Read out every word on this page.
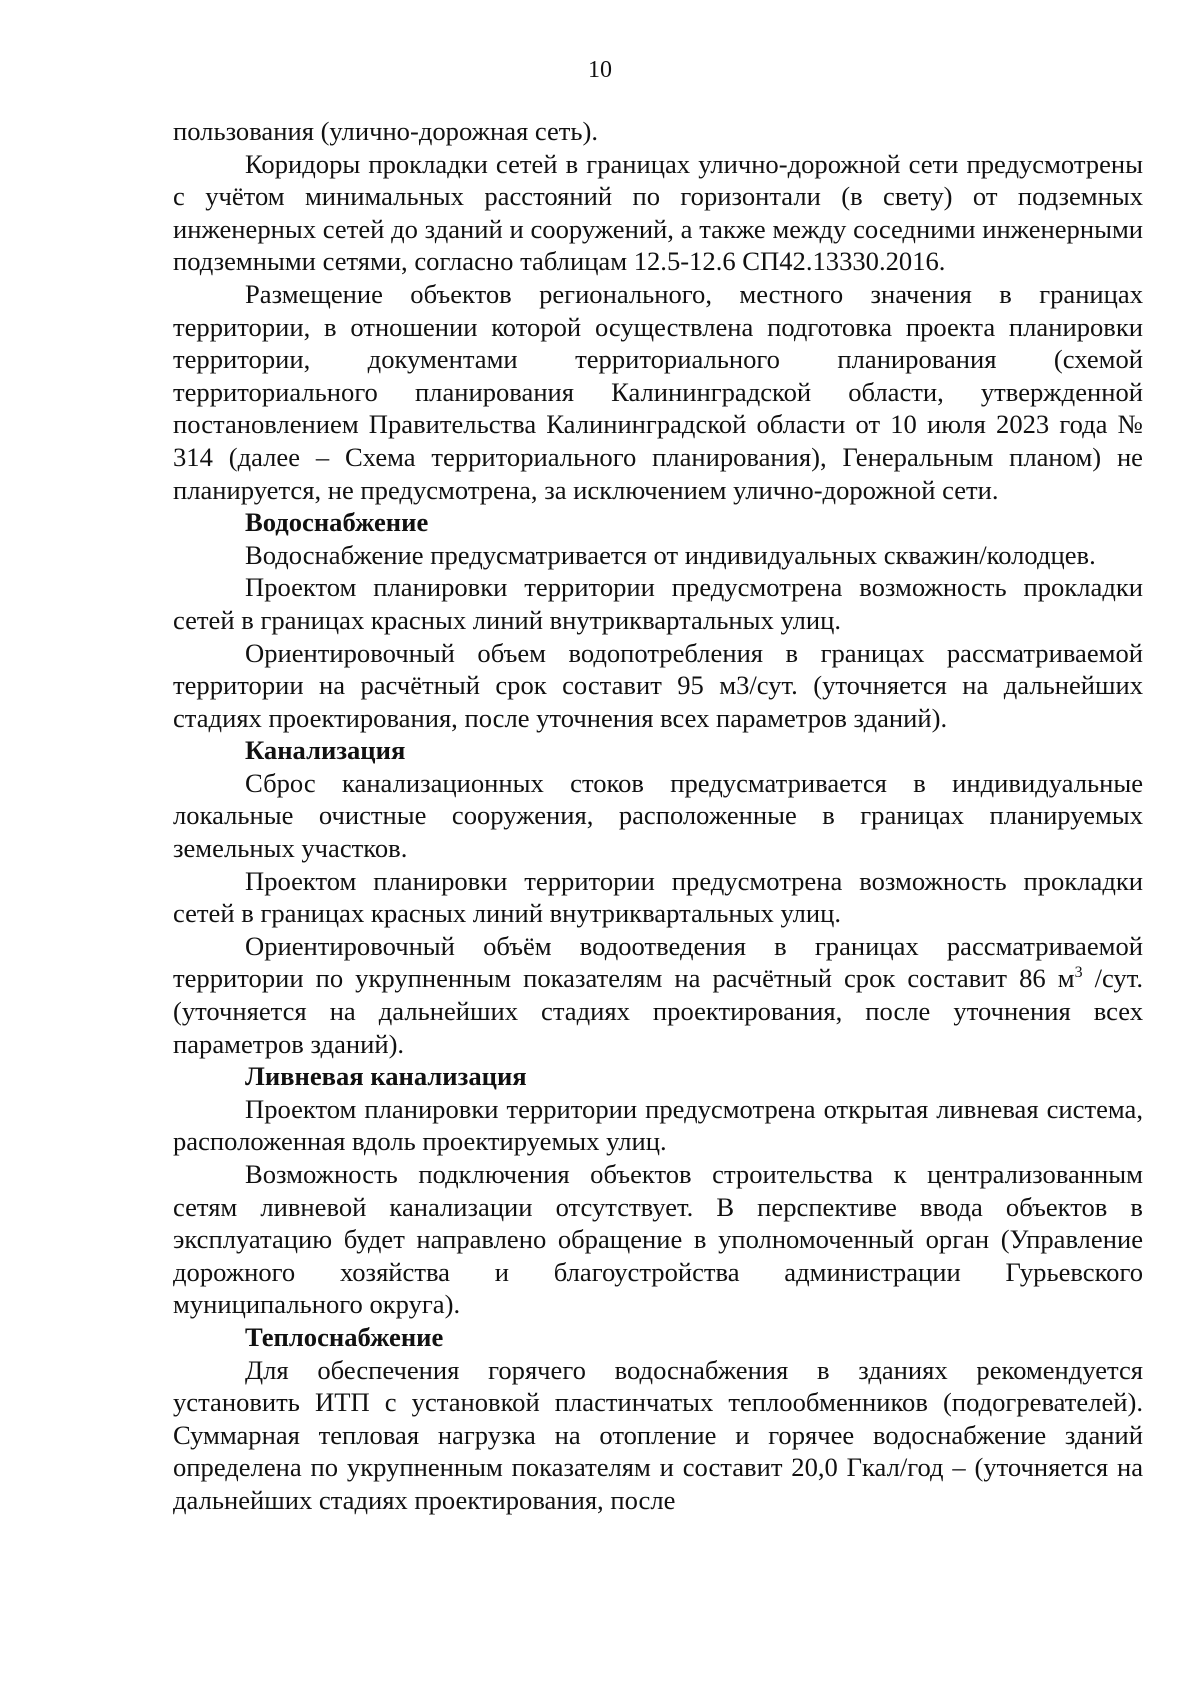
10

пользования (улично-дорожная сеть).

Коридоры прокладки сетей в границах улично-дорожной сети предусмотрены с учётом минимальных расстояний по горизонтали (в свету) от подземных инженерных сетей до зданий и сооружений, а также между соседними инженерными подземными сетями, согласно таблицам 12.5-12.6 СП42.13330.2016.

Размещение объектов регионального, местного значения в границах территории, в отношении которой осуществлена подготовка проекта планировки территории, документами территориального планирования (схемой территориального планирования Калининградской области, утвержденной постановлением Правительства Калининградской области от 10 июля 2023 года № 314 (далее – Схема территориального планирования), Генеральным планом) не планируется, не предусмотрена, за исключением улично-дорожной сети.

Водоснабжение

Водоснабжение предусматривается от индивидуальных скважин/колодцев.

Проектом планировки территории предусмотрена возможность прокладки сетей в границах красных линий внутриквартальных улиц.

Ориентировочный объем водопотребления в границах рассматриваемой территории на расчётный срок составит 95 м3/сут. (уточняется на дальнейших стадиях проектирования, после уточнения всех параметров зданий).

Канализация

Сброс канализационных стоков предусматривается в индивидуальные локальные очистные сооружения, расположенные в границах планируемых земельных участков.

Проектом планировки территории предусмотрена возможность прокладки сетей в границах красных линий внутриквартальных улиц.

Ориентировочный объём водоотведения в границах рассматриваемой территории по укрупненным показателям на расчётный срок составит 86 $м^3$ /сут. (уточняется на дальнейших стадиях проектирования, после уточнения всех параметров зданий).

Ливневая канализация

Проектом планировки территории предусмотрена открытая ливневая система, расположенная вдоль проектируемых улиц.

Возможность подключения объектов строительства к централизованным сетям ливневой канализации отсутствует. В перспективе ввода объектов в эксплуатацию будет направлено обращение в уполномоченный орган (Управление дорожного хозяйства и благоустройства администрации Гурьевского муниципального округа).

Теплоснабжение

Для обеспечения горячего водоснабжения в зданиях рекомендуется установить ИТП с установкой пластинчатых теплообменников (подогревателей). Суммарная тепловая нагрузка на отопление и горячее водоснабжение зданий определена по укрупненным показателям и составит 20,0 Гкал/год – (уточняется на дальнейших стадиях проектирования, после
